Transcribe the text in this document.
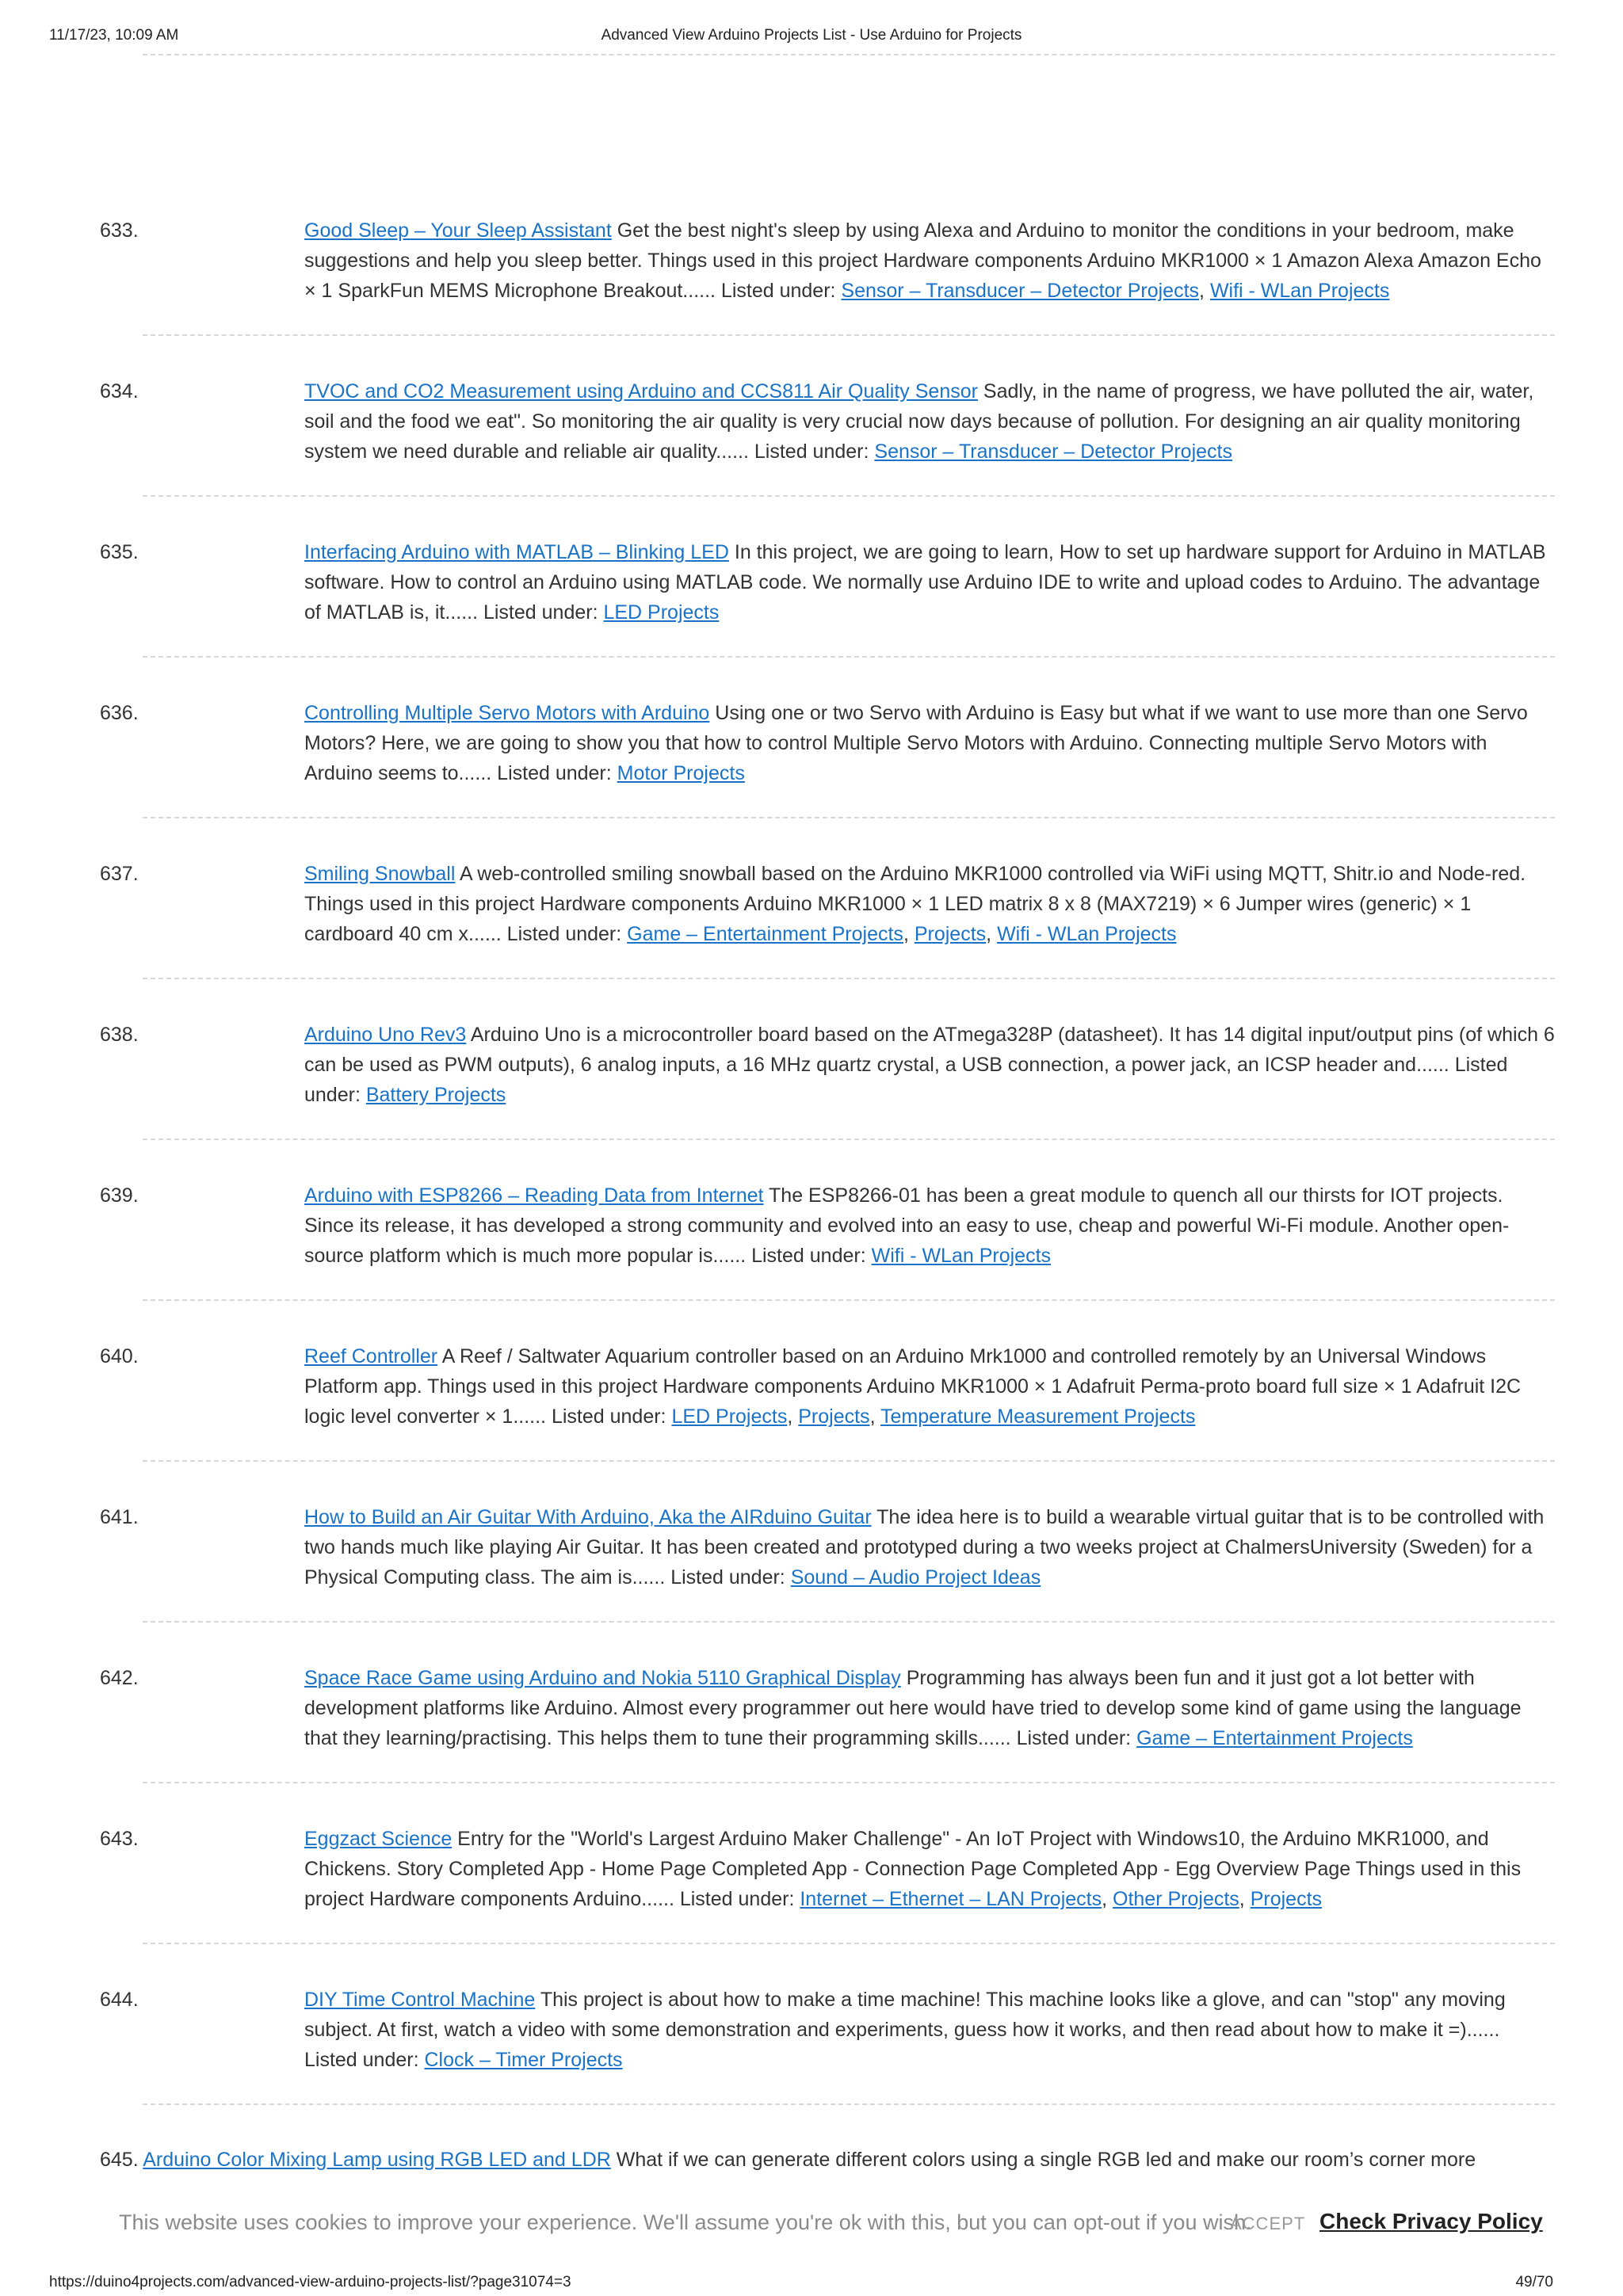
11/17/23, 10:09 AM	Advanced View Arduino Projects List - Use Arduino for Projects
633.	Good Sleep – Your Sleep Assistant Get the best night's sleep by using Alexa and Arduino to monitor the conditions in your bedroom, make suggestions and help you sleep better. Things used in this project Hardware components Arduino MKR1000 × 1 Amazon Alexa Amazon Echo × 1 SparkFun MEMS Microphone Breakout...... Listed under: Sensor – Transducer – Detector Projects, Wifi - WLan Projects
634.	TVOC and CO2 Measurement using Arduino and CCS811 Air Quality Sensor Sadly, in the name of progress, we have polluted the air, water, soil and the food we eat". So monitoring the air quality is very crucial now days because of pollution. For designing an air quality monitoring system we need durable and reliable air quality...... Listed under: Sensor – Transducer – Detector Projects
635.	Interfacing Arduino with MATLAB – Blinking LED In this project, we are going to learn, How to set up hardware support for Arduino in MATLAB software. How to control an Arduino using MATLAB code. We normally use Arduino IDE to write and upload codes to Arduino. The advantage of MATLAB is, it...... Listed under: LED Projects
636.	Controlling Multiple Servo Motors with Arduino Using one or two Servo with Arduino is Easy but what if we want to use more than one Servo Motors? Here, we are going to show you that how to control Multiple Servo Motors with Arduino. Connecting multiple Servo Motors with Arduino seems to...... Listed under: Motor Projects
637.	Smiling Snowball A web-controlled smiling snowball based on the Arduino MKR1000 controlled via WiFi using MQTT, Shitr.io and Node-red. Things used in this project Hardware components Arduino MKR1000 × 1 LED matrix 8 x 8 (MAX7219) × 6 Jumper wires (generic) × 1 cardboard 40 cm x...... Listed under: Game – Entertainment Projects, Projects, Wifi - WLan Projects
638.	Arduino Uno Rev3 Arduino Uno is a microcontroller board based on the ATmega328P (datasheet). It has 14 digital input/output pins (of which 6 can be used as PWM outputs), 6 analog inputs, a 16 MHz quartz crystal, a USB connection, a power jack, an ICSP header and...... Listed under: Battery Projects
639.	Arduino with ESP8266 – Reading Data from Internet The ESP8266-01 has been a great module to quench all our thirsts for IOT projects. Since its release, it has developed a strong community and evolved into an easy to use, cheap and powerful Wi-Fi module. Another open-source platform which is much more popular is...... Listed under: Wifi - WLan Projects
640.	Reef Controller A Reef / Saltwater Aquarium controller based on an Arduino Mrk1000 and controlled remotely by an Universal Windows Platform app. Things used in this project Hardware components Arduino MKR1000 × 1 Adafruit Perma-proto board full size × 1 Adafruit I2C logic level converter × 1...... Listed under: LED Projects, Projects, Temperature Measurement Projects
641.	How to Build an Air Guitar With Arduino, Aka the AIRduino Guitar The idea here is to build a wearable virtual guitar that is to be controlled with two hands much like playing Air Guitar. It has been created and prototyped during a two weeks project at ChalmersUniversity (Sweden) for a Physical Computing class. The aim is...... Listed under: Sound – Audio Project Ideas
642.	Space Race Game using Arduino and Nokia 5110 Graphical Display Programming has always been fun and it just got a lot better with development platforms like Arduino. Almost every programmer out here would have tried to develop some kind of game using the language that they learning/practising. This helps them to tune their programming skills...... Listed under: Game – Entertainment Projects
643.	Eggzact Science Entry for the "World's Largest Arduino Maker Challenge" - An IoT Project with Windows10, the Arduino MKR1000, and Chickens. Story Completed App - Home Page Completed App - Connection Page Completed App - Egg Overview Page Things used in this project Hardware components Arduino...... Listed under: Internet – Ethernet – LAN Projects, Other Projects, Projects
644.	DIY Time Control Machine This project is about how to make a time machine! This machine looks like a glove, and can "stop" any moving subject. At first, watch a video with some demonstration and experiments, guess how it works, and then read about how to make it =)...... Listed under: Clock – Timer Projects
645. Arduino Color Mixing Lamp using RGB LED and LDR What if we can generate different colors using a single RGB led and make our room’s corner more
This website uses cookies to improve your experience. We'll assume you're ok with this, but you can opt-out if you wish.
ACCEPT Check Privacy Policy
https://duino4projects.com/advanced-view-arduino-projects-list/?page31074=3	49/70
